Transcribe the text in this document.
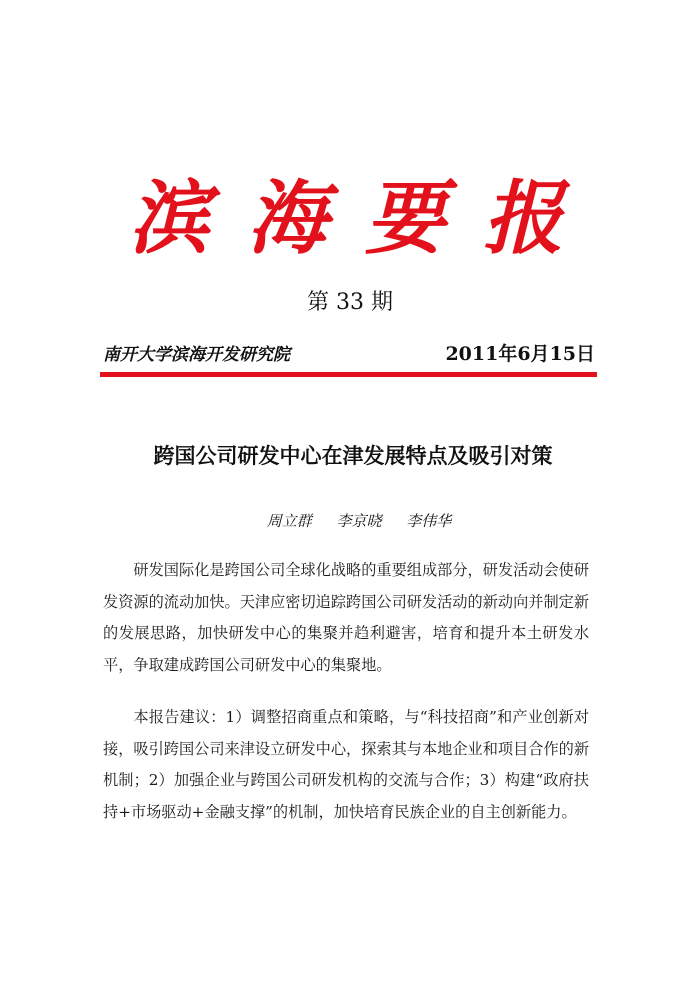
滨海要报
第 33 期
南开大学滨海开发研究院	2011年6月15日
跨国公司研发中心在津发展特点及吸引对策
周立群 李京晓 李伟华

研发国际化是跨国公司全球化战略的重要组成部分，研发活动会使研发资源的流动加快。天津应密切追踪跨国公司研发活动的新动向并制定新的发展思路，加快研发中心的集聚并趋利避害，培育和提升本土研发水平，争取建成跨国公司研发中心的集聚地。

本报告建议：1）调整招商重点和策略，与“科技招商”和产业创新对接，吸引跨国公司来津设立研发中心，探索其与本地企业和项目合作的新机制；2）加强企业与跨国公司研发机构的交流与合作；3）构建“政府扶持+市场驱动+金融支撑”的机制，加快培育民族企业的自主创新能力。
